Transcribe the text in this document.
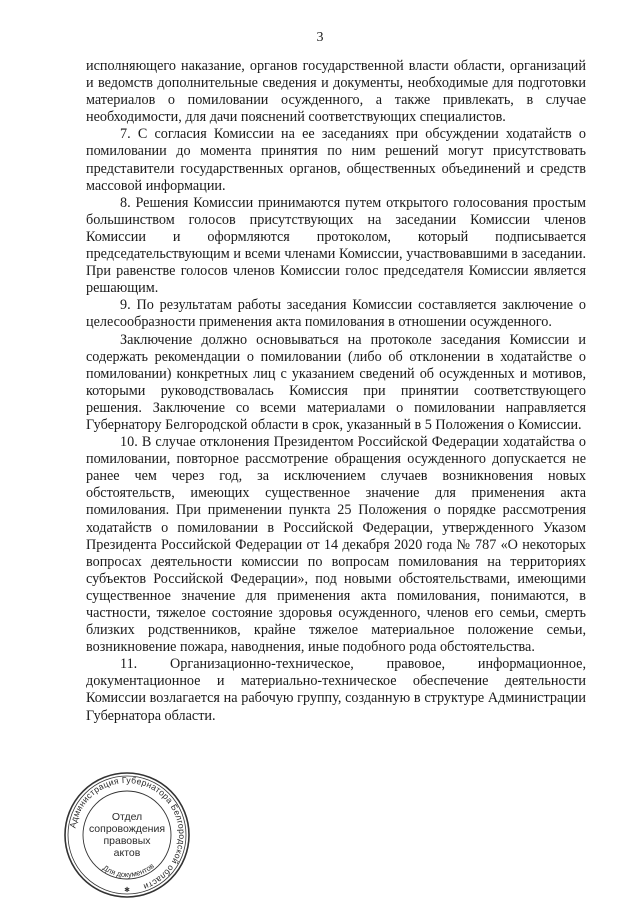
3

исполняющего наказание, органов государственной власти области, организаций и ведомств дополнительные сведения и документы, необходимые для подготовки материалов о помиловании осужденного, а также привлекать, в случае необходимости, для дачи пояснений соответствующих специалистов.

7. С согласия Комиссии на ее заседаниях при обсуждении ходатайств о помиловании до момента принятия по ним решений могут присутствовать представители государственных органов, общественных объединений и средств массовой информации.

8. Решения Комиссии принимаются путем открытого голосования простым большинством голосов присутствующих на заседании Комиссии членов Комиссии и оформляются протоколом, который подписывается председательствующим и всеми членами Комиссии, участвовавшими в заседании. При равенстве голосов членов Комиссии голос председателя Комиссии является решающим.

9. По результатам работы заседания Комиссии составляется заключение о целесообразности применения акта помилования в отношении осужденного.

Заключение должно основываться на протоколе заседания Комиссии и содержать рекомендации о помиловании (либо об отклонении в ходатайстве о помиловании) конкретных лиц с указанием сведений об осужденных и мотивов, которыми руководствовалась Комиссия при принятии соответствующего решения. Заключение со всеми материалами о помиловании направляется Губернатору Белгородской области в срок, указанный в 5 Положения о Комиссии.

10. В случае отклонения Президентом Российской Федерации ходатайства о помиловании, повторное рассмотрение обращения осужденного допускается не ранее чем через год, за исключением случаев возникновения новых обстоятельств, имеющих существенное значение для применения акта помилования. При применении пункта 25 Положения о порядке рассмотрения ходатайств о помиловании в Российской Федерации, утвержденного Указом Президента Российской Федерации от 14 декабря 2020 года № 787 «О некоторых вопросах деятельности комиссии по вопросам помилования на территориях субъектов Российской Федерации», под новыми обстоятельствами, имеющими существенное значение для применения акта помилования, понимаются, в частности, тяжелое состояние здоровья осужденного, членов его семьи, смерть близких родственников, крайне тяжелое материальное положение семьи, возникновение пожара, наводнения, иные подобного рода обстоятельства.

11. Организационно-техническое, правовое, информационное, документационное и материально-техническое обеспечение деятельности Комиссии возлагается на рабочую группу, созданную в структуре Администрации Губернатора области.

Администрация Губернатора Белгородской области
Для документов
✱
Отдел
сопровождения
правовых
актов
